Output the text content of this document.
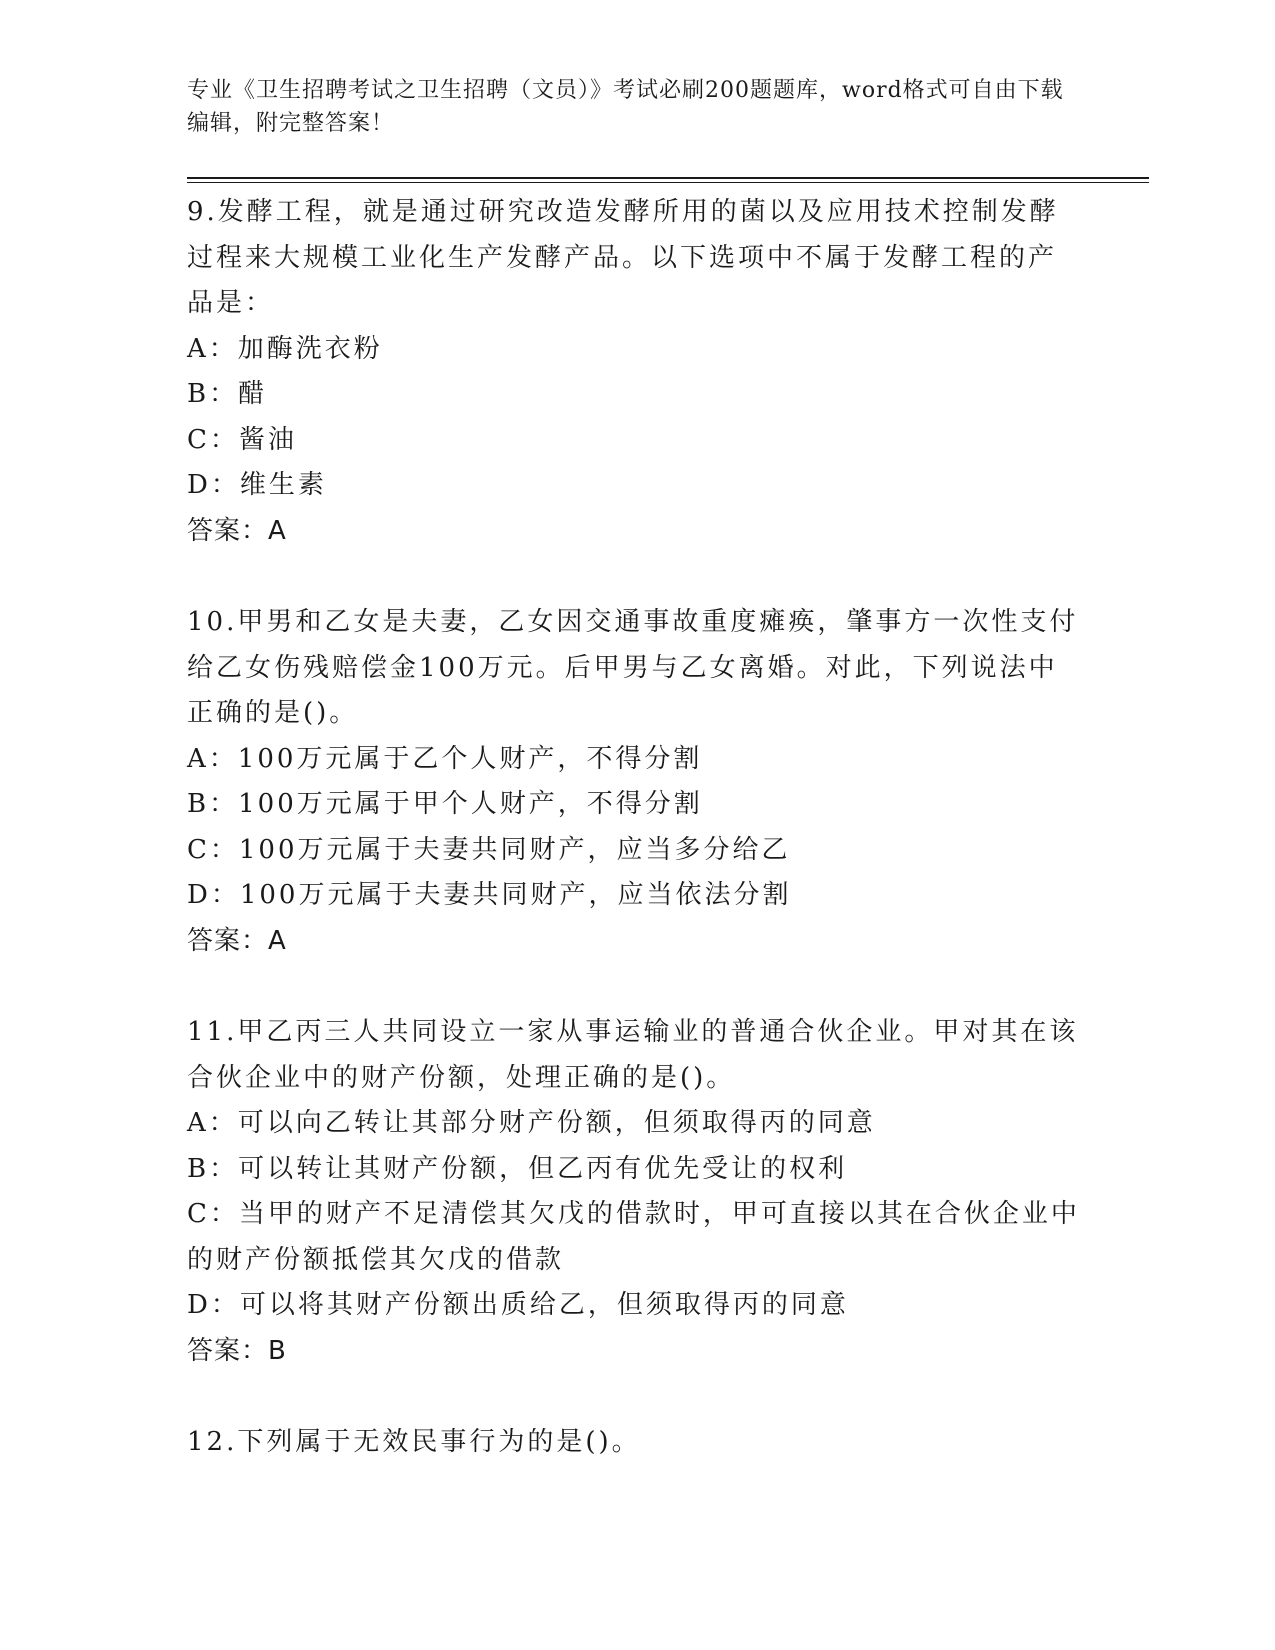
专业《卫生招聘考试之卫生招聘（文员）》考试必刷200题题库，word格式可自由下载编辑，附完整答案！

9.发酵工程，就是通过研究改造发酵所用的菌以及应用技术控制发酵过程来大规模工业化生产发酵产品。以下选项中不属于发酵工程的产品是：

A：加酶洗衣粉

B：醋

C：酱油

D：维生素

答案：A

10.甲男和乙女是夫妻，乙女因交通事故重度瘫痪，肇事方一次性支付给乙女伤残赔偿金100万元。后甲男与乙女离婚。对此，下列说法中正确的是()。

A：100万元属于乙个人财产，不得分割

B：100万元属于甲个人财产，不得分割

C：100万元属于夫妻共同财产，应当多分给乙

D：100万元属于夫妻共同财产，应当依法分割

答案：A

11.甲乙丙三人共同设立一家从事运输业的普通合伙企业。甲对其在该合伙企业中的财产份额，处理正确的是()。

A：可以向乙转让其部分财产份额，但须取得丙的同意

B：可以转让其财产份额，但乙丙有优先受让的权利

C：当甲的财产不足清偿其欠戊的借款时，甲可直接以其在合伙企业中的财产份额抵偿其欠戊的借款

D：可以将其财产份额出质给乙，但须取得丙的同意

答案：B

12.下列属于无效民事行为的是()。
